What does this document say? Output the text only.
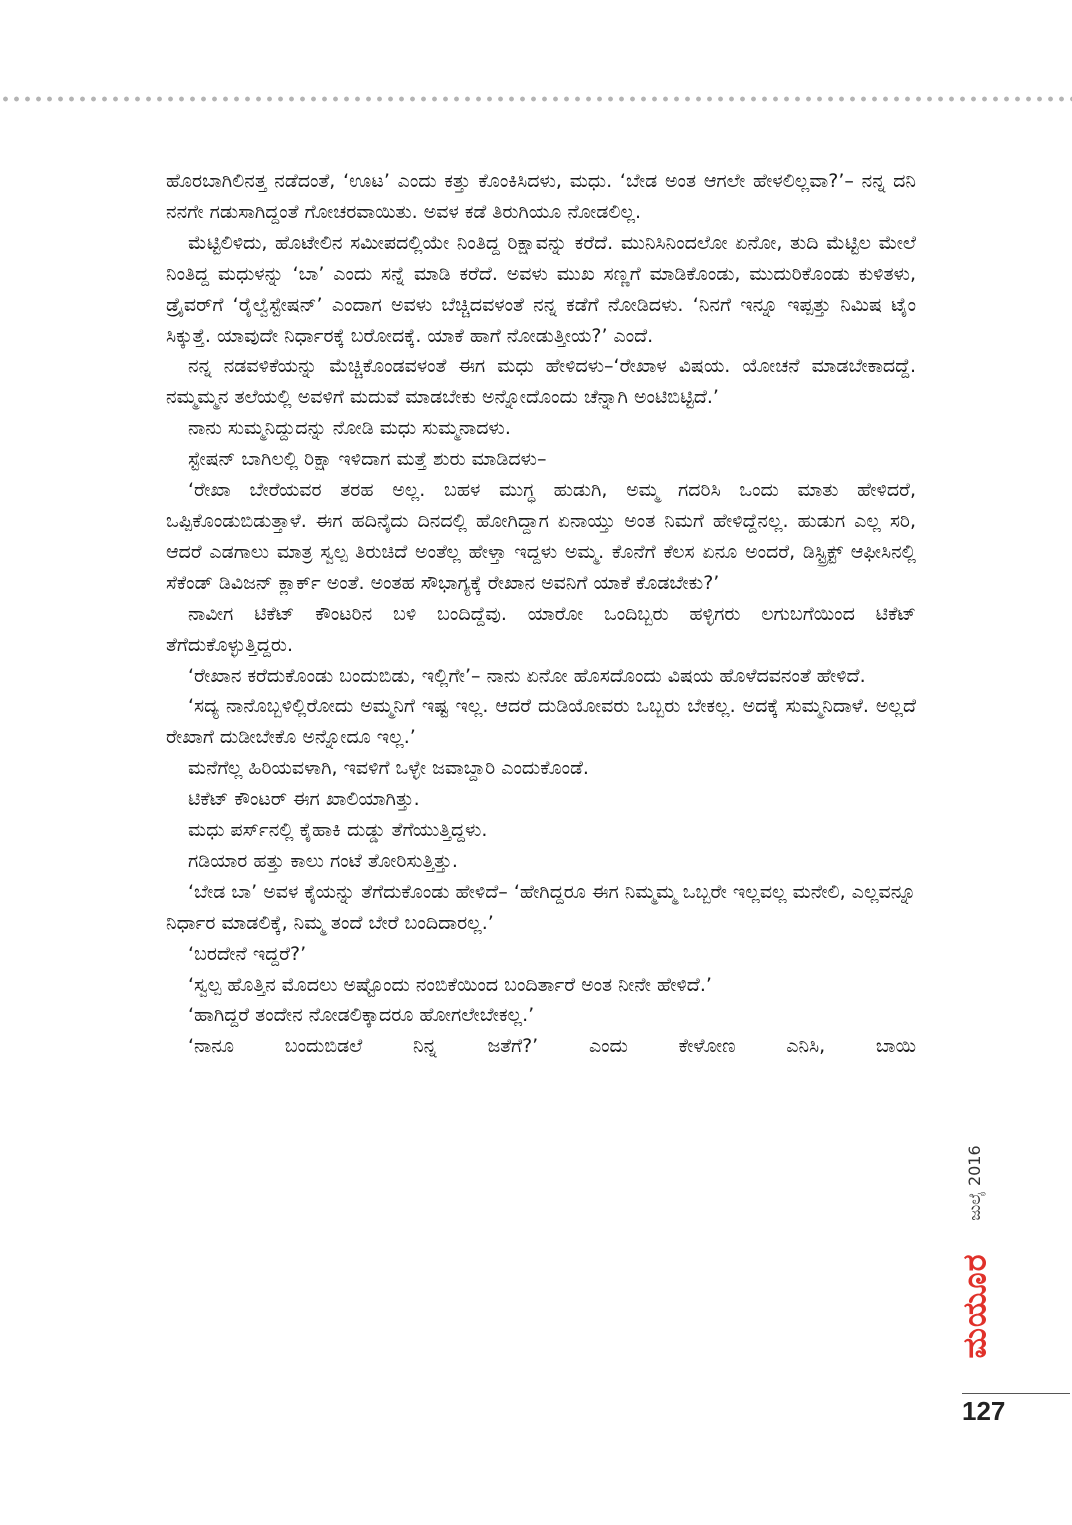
ಹೊರಬಾಗಿಲಿನತ್ತ ನಡೆದಂತೆ, ‘ಊಟ’ ಎಂದು ಕತ್ತು ಕೊಂಕಿಸಿದಳು, ಮಧು. ‘ಬೇಡ ಅಂತ ಆಗಲೇ ಹೇಳಲಿಲ್ಲವಾ?’– ನನ್ನ ದನಿ ನನಗೇ ಗಡುಸಾಗಿದ್ದಂತೆ ಗೋಚರವಾಯಿತು. ಅವಳ ಕಡೆ ತಿರುಗಿಯೂ ನೋಡಲಿಲ್ಲ.

ಮೆಟ್ಟಿಲಿಳಿದು, ಹೊಟೇಲಿನ ಸಮೀಪದಲ್ಲಿಯೇ ನಿಂತಿದ್ದ ರಿಕ್ಷಾವನ್ನು ಕರೆದೆ. ಮುನಿಸಿನಿಂದಲೋ ಏನೋ, ತುದಿ ಮೆಟ್ಟಿಲ ಮೇಲೆ ನಿಂತಿದ್ದ ಮಧುಳನ್ನು ‘ಬಾ’ ಎಂದು ಸನ್ನೆ ಮಾಡಿ ಕರೆದೆ. ಅವಳು ಮುಖ ಸಣ್ಣಗೆ ಮಾಡಿಕೊಂಡು, ಮುದುರಿಕೊಂಡು ಕುಳಿತಳು, ಡ್ರೈವರ್‌ಗೆ ‘ರೈಲ್ವೆಸ್ಟೇಷನ್’ ಎಂದಾಗ ಅವಳು ಬೆಚ್ಚಿದವಳಂತೆ ನನ್ನ ಕಡೆಗೆ ನೋಡಿದಳು. ‘ನಿನಗೆ ಇನ್ನೂ ಇಪ್ಪತ್ತು ನಿಮಿಷ ಟೈಂ ಸಿಕ್ಕುತ್ತೆ. ಯಾವುದೇ ನಿರ್ಧಾರಕ್ಕೆ ಬರೋದಕ್ಕೆ. ಯಾಕೆ ಹಾಗೆ ನೋಡುತ್ತೀಯ?’ ಎಂದೆ.

ನನ್ನ ನಡವಳಿಕೆಯನ್ನು ಮೆಚ್ಚಿಕೊಂಡವಳಂತೆ ಈಗ ಮಧು ಹೇಳಿದಳು–‘ರೇಖಾಳ ವಿಷಯ. ಯೋಚನೆ ಮಾಡಬೇಕಾದದ್ದೆ. ನಮ್ಮಮ್ಮನ ತಲೆಯಲ್ಲಿ ಅವಳಿಗೆ ಮದುವೆ ಮಾಡಬೇಕು ಅನ್ನೋದೊಂದು ಚೆನ್ನಾಗಿ ಅಂಟಿಬಿಟ್ಟಿದೆ.’

ನಾನು ಸುಮ್ಮನಿದ್ದುದನ್ನು ನೋಡಿ ಮಧು ಸುಮ್ಮನಾದಳು.

ಸ್ಟೇಷನ್ ಬಾಗಿಲಲ್ಲಿ ರಿಕ್ಷಾ ಇಳಿದಾಗ ಮತ್ತೆ ಶುರು ಮಾಡಿದಳು–

‘ರೇಖಾ ಬೇರೆಯವರ ತರಹ ಅಲ್ಲ. ಬಹಳ ಮುಗ್ಧ ಹುಡುಗಿ, ಅಮ್ಮ ಗದರಿಸಿ ಒಂದು ಮಾತು ಹೇಳಿದರೆ, ಒಪ್ಪಿಕೊಂಡುಬಿಡುತ್ತಾಳೆ. ಈಗ ಹದಿನೈದು ದಿನದಲ್ಲಿ ಹೋಗಿದ್ದಾಗ ಏನಾಯ್ತು ಅಂತ ನಿಮಗೆ ಹೇಳಿದ್ದೆನಲ್ಲ. ಹುಡುಗ ಎಲ್ಲ ಸರಿ, ಆದರೆ ಎಡಗಾಲು ಮಾತ್ರ ಸ್ವಲ್ಪ ತಿರುಚಿದೆ ಅಂತೆಲ್ಲ ಹೇಳ್ತಾ ಇದ್ದಳು ಅಮ್ಮ. ಕೊನೆಗೆ ಕೆಲಸ ಏನೂ ಅಂದರೆ, ಡಿಸ್ಟ್ರಿಕ್ಟ್ ಆಫೀಸಿನಲ್ಲಿ ಸೆಕೆಂಡ್ ಡಿವಿಜನ್ ಕ್ಲಾರ್ಕ್ ಅಂತೆ. ಅಂತಹ ಸೌಭಾಗ್ಯಕ್ಕೆ ರೇಖಾನ ಅವನಿಗೆ ಯಾಕೆ ಕೊಡಬೇಕು?’

ನಾವೀಗ ಟಿಕೆಟ್ ಕೌಂಟರಿನ ಬಳಿ ಬಂದಿದ್ದೆವು. ಯಾರೋ ಒಂದಿಬ್ಬರು ಹಳ್ಳಿಗರು ಲಗುಬಗೆಯಿಂದ ಟಿಕೆಟ್ ತೆಗೆದುಕೊಳ್ಳುತ್ತಿದ್ದರು.

‘ರೇಖಾನ ಕರೆದುಕೊಂಡು ಬಂದುಬಿಡು, ಇಲ್ಲಿಗೇ’– ನಾನು ಏನೋ ಹೊಸದೊಂದು ವಿಷಯ ಹೊಳೆದವನಂತೆ ಹೇಳಿದೆ.

‘ಸದ್ಯ ನಾನೊಬ್ಬಳಿಲ್ಲಿರೋದು ಅಮ್ಮನಿಗೆ ಇಷ್ಟ ಇಲ್ಲ. ಆದರೆ ದುಡಿಯೋವರು ಒಬ್ಬರು ಬೇಕಲ್ಲ. ಅದಕ್ಕೆ ಸುಮ್ಮನಿದಾಳೆ. ಅಲ್ಲದೆ ರೇಖಾಗೆ ದುಡೀಬೇಕೊ ಅನ್ನೋದೂ ಇಲ್ಲ.’

ಮನೆಗೆಲ್ಲ ಹಿರಿಯವಳಾಗಿ, ಇವಳಿಗೆ ಒಳ್ಳೇ ಜವಾಬ್ದಾರಿ ಎಂದುಕೊಂಡೆ.

ಟಿಕೆಟ್ ಕೌಂಟರ್ ಈಗ ಖಾಲಿಯಾಗಿತ್ತು.

ಮಧು ಪರ್ಸ್‌ನಲ್ಲಿ ಕೈಹಾಕಿ ದುಡ್ಡು ತೆಗೆಯುತ್ತಿದ್ದಳು.

ಗಡಿಯಾರ ಹತ್ತು ಕಾಲು ಗಂಟೆ ತೋರಿಸುತ್ತಿತ್ತು.

‘ಬೇಡ ಬಾ’ ಅವಳ ಕೈಯನ್ನು ತೆಗೆದುಕೊಂಡು ಹೇಳಿದೆ– ‘ಹೇಗಿದ್ದರೂ ಈಗ ನಿಮ್ಮಮ್ಮ ಒಬ್ಬರೇ ಇಲ್ಲವಲ್ಲ ಮನೇಲಿ, ಎಲ್ಲವನ್ನೂ ನಿರ್ಧಾರ ಮಾಡಲಿಕ್ಕೆ, ನಿಮ್ಮ ತಂದೆ ಬೇರೆ ಬಂದಿದಾರಲ್ಲ.’

‘ಬರದೇನೆ ಇದ್ದರೆ?’

‘ಸ್ವಲ್ಪ ಹೊತ್ತಿನ ಮೊದಲು ಅಷ್ಟೊಂದು ನಂಬಿಕೆಯಿಂದ ಬಂದಿರ್ತಾರೆ ಅಂತ ನೀನೇ ಹೇಳಿದೆ.’

‘ಹಾಗಿದ್ದರೆ ತಂದೇನ ನೋಡಲಿಕ್ಕಾದರೂ ಹೋಗಲೇಬೇಕಲ್ಲ.’

‘ನಾನೂ ಬಂದುಬಿಡಲೆ ನಿನ್ನ ಜತೆಗೆ?’ ಎಂದು ಕೇಳೋಣ ಎನಿಸಿ, ಬಾಯಿ

ಜುಲೈ 2016
ಮಯೂರ
127
